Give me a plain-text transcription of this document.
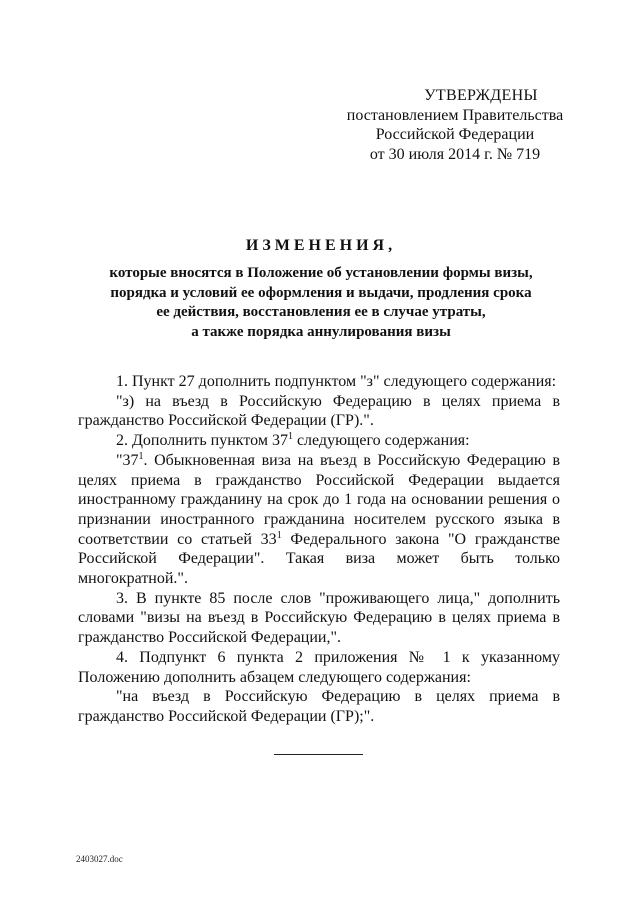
УТВЕРЖДЕНЫ
постановлением Правительства
Российской Федерации
от 30 июля 2014 г. № 719
ИЗМЕНЕНИЯ,
которые вносятся в Положение об установлении формы визы,
порядка и условий ее оформления и выдачи, продления срока
ее действия, восстановления ее в случае утраты,
а также порядка аннулирования визы

1. Пункт 27 дополнить подпунктом "з" следующего содержания:

"з) на въезд в Российскую Федерацию в целях приема в гражданство Российской Федерации (ГР).".

2. Дополнить пунктом $37^1$ следующего содержания:

"$37^1$. Обыкновенная виза на въезд в Российскую Федерацию в целях приема в гражданство Российской Федерации выдается иностранному гражданину на срок до 1 года на основании решения о признании иностранного гражданина носителем русского языка в соответствии со статьей $33^1$ Федерального закона "О гражданстве Российской Федерации". Такая виза может быть только многократной.".

3. В пункте 85 после слов "проживающего лица," дополнить словами "визы на въезд в Российскую Федерацию в целях приема в гражданство Российской Федерации,".

4. Подпункт 6 пункта 2 приложения № 1 к указанному Положению дополнить абзацем следующего содержания:

"на въезд в Российскую Федерацию в целях приема в гражданство Российской Федерации (ГР);".

2403027.doc
